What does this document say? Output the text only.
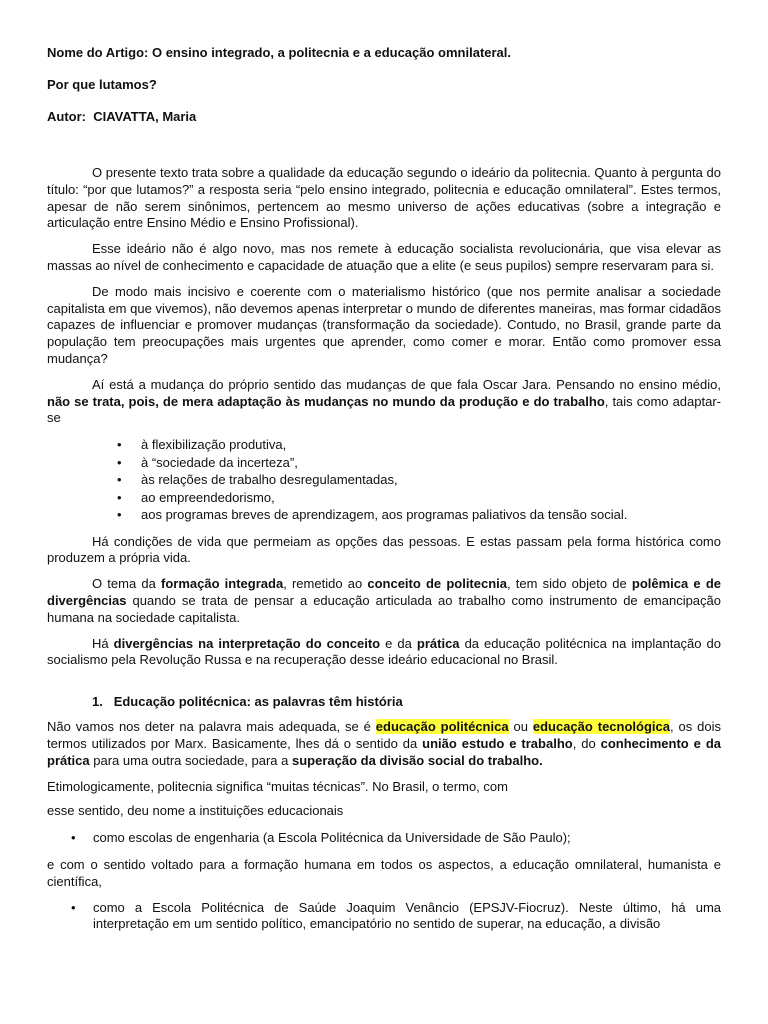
Nome do Artigo: O ensino integrado, a politecnia e a educação omnilateral.
Por que lutamos?
Autor: CIAVATTA, Maria

O presente texto trata sobre a qualidade da educação segundo o ideário da politecnia. Quanto à pergunta do título: “por que lutamos?” a resposta seria “pelo ensino integrado, politecnia e educação omnilateral”. Estes termos, apesar de não serem sinônimos, pertencem ao mesmo universo de ações educativas (sobre a integração e articulação entre Ensino Médio e Ensino Profissional).

Esse ideário não é algo novo, mas nos remete à educação socialista revolucionária, que visa elevar as massas ao nível de conhecimento e capacidade de atuação que a elite (e seus pupilos) sempre reservaram para si.

De modo mais incisivo e coerente com o materialismo histórico (que nos permite analisar a sociedade capitalista em que vivemos), não devemos apenas interpretar o mundo de diferentes maneiras, mas formar cidadãos capazes de influenciar e promover mudanças (transformação da sociedade). Contudo, no Brasil, grande parte da população tem preocupações mais urgentes que aprender, como comer e morar. Então como promover essa mudança?

Aí está a mudança do próprio sentido das mudanças de que fala Oscar Jara. Pensando no ensino médio, não se trata, pois, de mera adaptação às mudanças no mundo da produção e do trabalho, tais como adaptar-se

• à flexibilização produtiva,
• à “sociedade da incerteza”,
• às relações de trabalho desregulamentadas,
• ao empreendedorismo,
• aos programas breves de aprendizagem, aos programas paliativos da tensão social.

Há condições de vida que permeiam as opções das pessoas. E estas passam pela forma histórica como produzem a própria vida.

O tema da formação integrada, remetido ao conceito de politecnia, tem sido objeto de polêmica e de divergências quando se trata de pensar a educação articulada ao trabalho como instrumento de emancipação humana na sociedade capitalista.

Há divergências na interpretação do conceito e da prática da educação politécnica na implantação do socialismo pela Revolução Russa e na recuperação desse ideário educacional no Brasil.

1. Educação politécnica: as palavras têm história

Não vamos nos deter na palavra mais adequada, se é educação politécnica ou educação tecnológica, os dois termos utilizados por Marx. Basicamente, lhes dá o sentido da união estudo e trabalho, do conhecimento e da prática para uma outra sociedade, para a superação da divisão social do trabalho.

Etimologicamente, politecnia significa “muitas técnicas”. No Brasil, o termo, com

esse sentido, deu nome a instituições educacionais

• como escolas de engenharia (a Escola Politécnica da Universidade de São Paulo);

e com o sentido voltado para a formação humana em todos os aspectos, a educação omnilateral, humanista e científica,

• como a Escola Politécnica de Saúde Joaquim Venâncio (EPSJV-Fiocruz). Neste último, há uma interpretação em um sentido político, emancipatório no sentido de superar, na educação, a divisão
